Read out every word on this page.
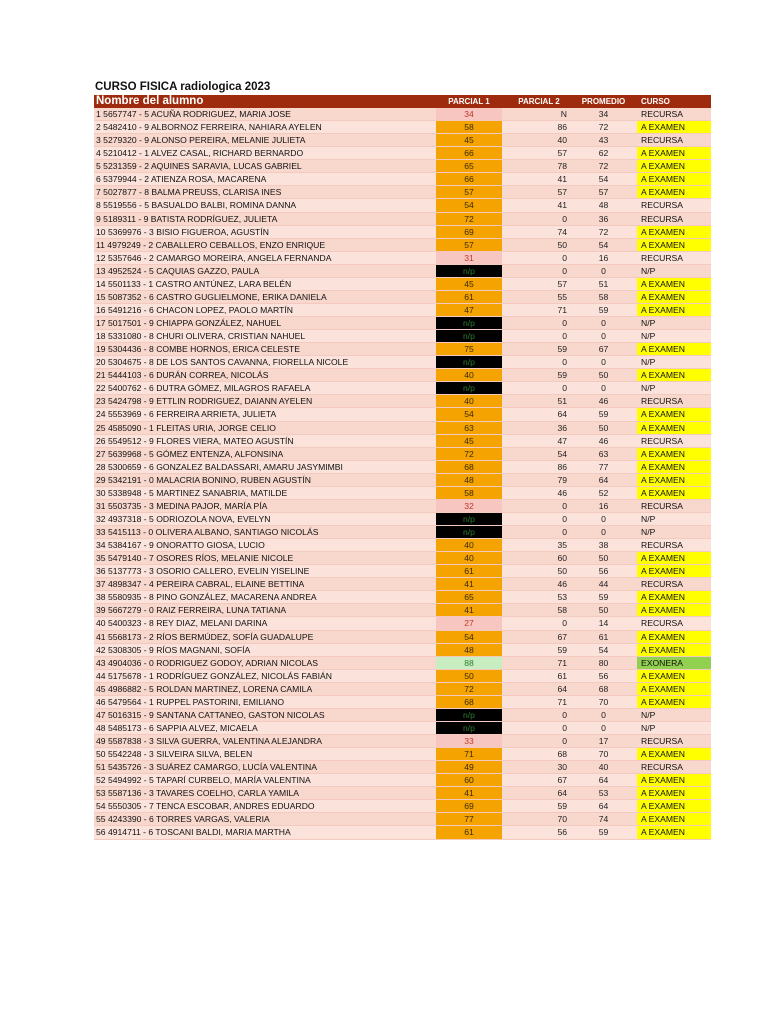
CURSO FISICA radiologica 2023
Nombre del alumno	PARCIAL 1	PARCIAL 2	PROMEDIO	CURSO
1 5657747 - 5 ACUÑA RODRIGUEZ, MARIA JOSE	34	N	34	RECURSA
2 5482410 - 9 ALBORNOZ FERREIRA, NAHIARA AYELEN	58	86	72	A EXAMEN
3 5279320 - 9 ALONSO PEREIRA, MELANIE JULIETA	45	40	43	RECURSA
4 5210412 - 1 ALVEZ CASAL, RICHARD BERNARDO	66	57	62	A EXAMEN
5 5231359 - 2 AQUINES SARAVIA, LUCAS GABRIEL	65	78	72	A EXAMEN
6 5379944 - 2 ATIENZA ROSA, MACARENA	66	41	54	A EXAMEN
7 5027877 - 8 BALMA PREUSS, CLARISA INES	57	57	57	A EXAMEN
8 5519556 - 5 BASUALDO BALBI, ROMINA DANNA	54	41	48	RECURSA
9 5189311 - 9 BATISTA RODRÍGUEZ, JULIETA	72	0	36	RECURSA
10 5369976 - 3 BISIO FIGUEROA, AGUSTÍN	69	74	72	A EXAMEN
11 4979249 - 2 CABALLERO CEBALLOS, ENZO ENRIQUE	57	50	54	A EXAMEN
12 5357646 - 2 CAMARGO MOREIRA, ANGELA FERNANDA	31	0	16	RECURSA
13 4952524 - 5 CAQUIAS GAZZO, PAULA	n/p	0	0	N/P
14 5501133 - 1 CASTRO ANTÚNEZ, LARA BELÉN	45	57	51	A EXAMEN
15 5087352 - 6 CASTRO GUGLIELMONE, ERIKA DANIELA	61	55	58	A EXAMEN
16 5491216 - 6 CHACON LOPEZ, PAOLO MARTÍN	47	71	59	A EXAMEN
17 5017501 - 9 CHIAPPA GONZÁLEZ, NAHUEL	n/p	0	0	N/P
18 5331080 - 8 CHURI OLIVERA, CRISTIAN NAHUEL	n/p	0	0	N/P
19 5304436 - 8 COMBE HORNOS, ERICA CELESTE	75	59	67	A EXAMEN
20 5304675 - 8 DE LOS SANTOS CAVANNA, FIORELLA NICOLE	n/p	0	0	N/P
21 5444103 - 6 DURÁN CORREA, NICOLÁS	40	59	50	A EXAMEN
22 5400762 - 6 DUTRA GÓMEZ, MILAGROS RAFAELA	n/p	0	0	N/P
23 5424798 - 9 ETTLIN RODRIGUEZ, DAIANN AYELEN	40	51	46	RECURSA
24 5553969 - 6 FERREIRA ARRIETA, JULIETA	54	64	59	A EXAMEN
25 4585090 - 1 FLEITAS URIA, JORGE CELIO	63	36	50	A EXAMEN
26 5549512 - 9 FLORES VIERA, MATEO AGUSTÍN	45	47	46	RECURSA
27 5639968 - 5 GÓMEZ ENTENZA, ALFONSINA	72	54	63	A EXAMEN
28 5300659 - 6 GONZALEZ BALDASSARI, AMARU JASYMIMBI	68	86	77	A EXAMEN
29 5342191 - 0 MALACRIA BONINO, RUBEN AGUSTÍN	48	79	64	A EXAMEN
30 5338948 - 5 MARTINEZ SANABRIA, MATILDE	58	46	52	A EXAMEN
31 5503735 - 3 MEDINA PAJOR, MARÍA PÍA	32	0	16	RECURSA
32 4937318 - 5 ODRIOZOLA NOVA, EVELYN	n/p	0	0	N/P
33 5415113 - 0 OLIVERA ALBANO, SANTIAGO NICOLÁS	n/p	0	0	N/P
34 5384167 - 9 ONORATTO GIOSA, LUCIO	40	35	38	RECURSA
35 5479140 - 7 OSORES RÍOS, MELANIE NICOLE	40	60	50	A EXAMEN
36 5137773 - 3 OSORIO CALLERO, EVELIN YISELINE	61	50	56	A EXAMEN
37 4898347 - 4 PEREIRA CABRAL, ELAINE BETTINA	41	46	44	RECURSA
38 5580935 - 8 PINO GONZÁLEZ, MACARENA ANDREA	65	53	59	A EXAMEN
39 5667279 - 0 RAIZ FERREIRA, LUNA TATIANA	41	58	50	A EXAMEN
40 5400323 - 8 REY DIAZ, MELANI DARINA	27	0	14	RECURSA
41 5568173 - 2 RÍOS BERMÚDEZ, SOFÍA GUADALUPE	54	67	61	A EXAMEN
42 5308305 - 9 RÍOS MAGNANI, SOFÍA	48	59	54	A EXAMEN
43 4904036 - 0 RODRIGUEZ GODOY, ADRIAN NICOLAS	88	71	80	EXONERA
44 5175678 - 1 RODRÍGUEZ GONZÁLEZ, NICOLÁS FABIÁN	50	61	56	A EXAMEN
45 4986882 - 5 ROLDAN MARTINEZ, LORENA CAMILA	72	64	68	A EXAMEN
46 5479564 - 1 RUPPEL PASTORINI, EMILIANO	68	71	70	A EXAMEN
47 5016315 - 9 SANTANA CATTANEO, GASTON NICOLAS	n/p	0	0	N/P
48 5485173 - 6 SAPPIA ALVEZ, MICAELA	n/p	0	0	N/P
49 5587838 - 3 SILVA GUERRA, VALENTINA ALEJANDRA	33	0	17	RECURSA
50 5542248 - 3 SILVEIRA SILVA, BELEN	71	68	70	A EXAMEN
51 5435726 - 3 SUÁREZ CAMARGO, LUCÍA VALENTINA	49	30	40	RECURSA
52 5494992 - 5 TAPARÍ CURBELO, MARÍA VALENTINA	60	67	64	A EXAMEN
53 5587136 - 3 TAVARES COELHO, CARLA YAMILA	41	64	53	A EXAMEN
54 5550305 - 7 TENCA ESCOBAR, ANDRES EDUARDO	69	59	64	A EXAMEN
55 4243390 - 6 TORRES VARGAS, VALERIA	77	70	74	A EXAMEN
56 4914711 - 6 TOSCANI BALDI, MARIA MARTHA	61	56	59	A EXAMEN
